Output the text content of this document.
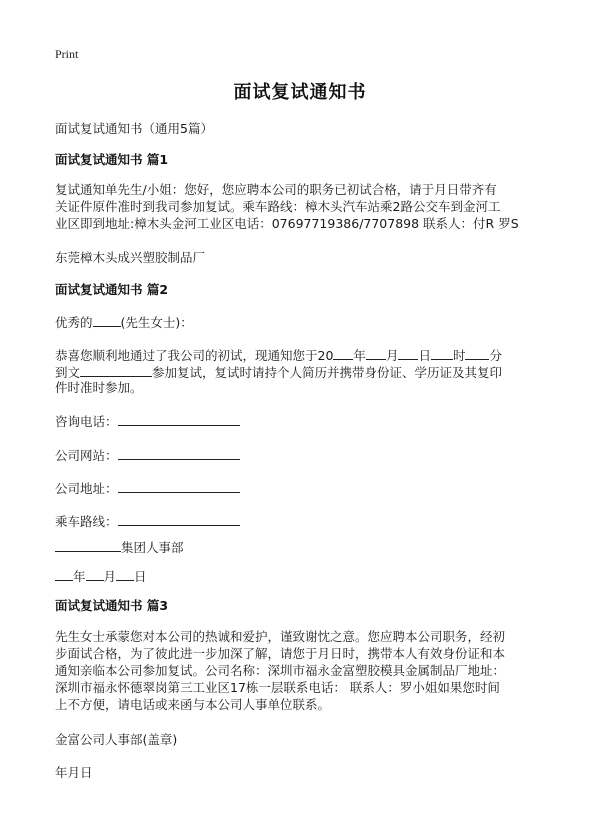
Print
面试复试通知书
面试复试通知书（通用5篇）
面试复试通知书 篇1
复试通知单先生/小姐：您好，您应聘本公司的职务已初试合格，请于月日带齐有
关证件原件准时到我司参加复试。乘车路线：樟木头汽车站乘2路公交车到金河工
业区即到地址:樟木头金河工业区电话：07697719386/7707898 联系人：付R 罗S
东莞樟木头成兴塑胶制品厂
面试复试通知书 篇2
优秀的 (先生女士)：
恭喜您顺利地通过了我公司的初试，现通知您于20 年 月 日 时 分
到文	参加复试，复试时请持个人简历并携带身份证、学历证及其复印
件时准时参加。
咨询电话：
公司网站：
公司地址：
乘车路线：
集团人事部
年 月 日
面试复试通知书 篇3
先生女士承蒙您对本公司的热诚和爱护，谨致谢忱之意。您应聘本公司职务，经初
步面试合格，为了彼此进一步加深了解，请您于月日时，携带本人有效身份证和本
通知亲临本公司参加复试。公司名称：深圳市福永金富塑胶模具金属制品厂地址：
深圳市福永怀德翠岗第三工业区17栋一层联系电话： 联系人：罗小姐如果您时间
上不方便，请电话或来函与本公司人事单位联系。
金富公司人事部(盖章)
年月日
